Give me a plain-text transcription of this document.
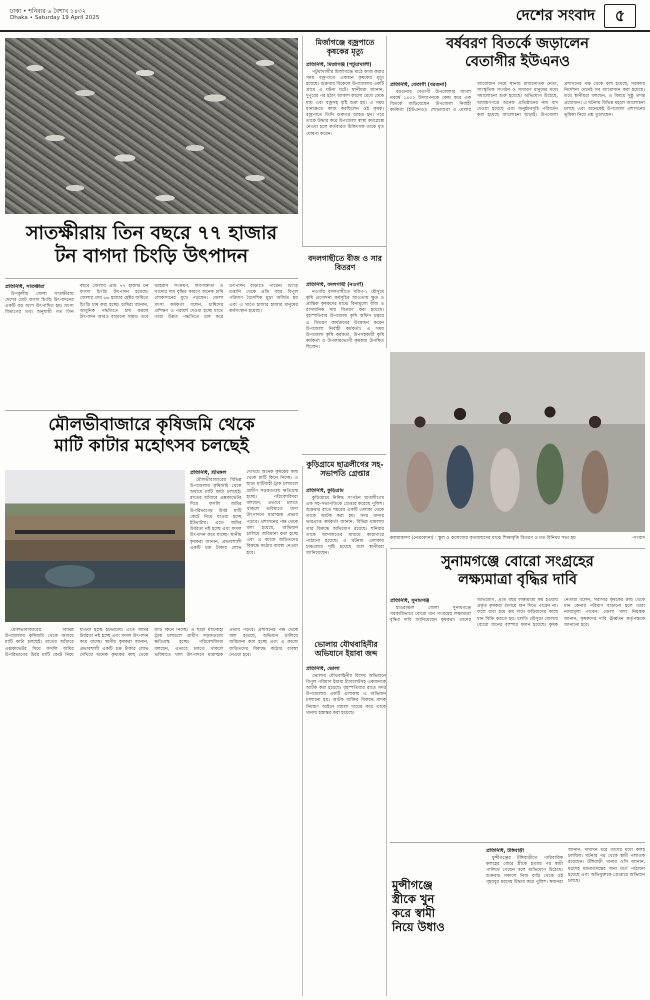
ঢাকা • শনিবার ৬ বৈশাখ ১৪৩২
Dhaka • Saturday 19 April 2025	দেশের সংবাদ	৫
বর্ষবরণ বিতর্কে জড়ালেন
বেতাগীর ইউএনও
প্রতিনিধি, বেতাগী (বরগুনা)

বরগুনার বেতাগী উপজেলার বাংলা নববর্ষ ১৪৩২ উদযাপনকে কেন্দ্র করে এক বিতর্কে জড়িয়েছেন উপজেলা নির্বাহী কর্মকর্তা (ইউএনও)। শোভাযাত্রা ও মেলার আয়োজন নিয়ে স্থানীয় রাজনৈতিক নেতা, সাংস্কৃতিক সংগঠন ও সাধারণ মানুষের মধ্যে সমালোচনা শুরু হয়েছে। অভিযোগ উঠেছে, আমন্ত্রণপত্রে অনেক প্রতিষ্ঠানের নাম বাদ দেওয়া হয়েছে এবং অনুষ্ঠানসূচি পরিবর্তন করা হয়েছে আলোচনা ছাড়াই। উপজেলা প্রশাসনের পক্ষ থেকে বলা হয়েছে, সরকারি নির্দেশনা মেনেই সব আয়োজন করা হয়েছে। তবে স্থানীয়রা বলছেন, এ বিষয়ে সুষ্ঠু তদন্ত প্রয়োজন। এ ঘটনায় বিভিন্ন মহলে আলোচনা চলছে এবং অনেকেই উপজেলা প্রশাসনের ভূমিকা নিয়ে প্রশ্ন তুলেছেন।

মির্জাগঞ্জে বজ্রপাতে কৃষকের মৃত্যু
প্রতিনিধি, মির্জাগঞ্জ (পটুয়াখালী)

পটুয়াখালীর মির্জাগঞ্জে মাঠে কাজ করার সময় বজ্রপাতে একজন কৃষকের মৃত্যু হয়েছে। শুক্রবার বিকেলে উপজেলার একটি গ্রামে এ ঘটনা ঘটে। স্থানীয়রা জানান, দুপুরের পর হঠাৎ আকাশ কালো মেঘে ঢেকে যায় এবং বজ্রসহ বৃষ্টি শুরু হয়। এ সময় ধানক্ষেতে কাজ করছিলেন ওই কৃষক। বজ্রপাতে তিনি গুরুতর আহত হন। পরে তাকে উদ্ধার করে উপজেলা স্বাস্থ্য কমপ্লেক্সে নেওয়া হলে কর্তব্যরত চিকিৎসক তাকে মৃত ঘোষণা করেন।

সাতক্ষীরায় তিন বছরে ৭৭ হাজার
টন বাগদা চিংড়ি উৎপাদন
প্রতিনিধি, সাতক্ষীরা

উপকূলীয় জেলা সাতক্ষীরায় দেশের মোট বাগদা চিংড়ি উৎপাদনের একটি বড় অংশ উৎপাদিত হয়। মৎস্য বিভাগের তথ্য অনুযায়ী গত তিন বছরে জেলায় প্রায় ৭৭ হাজার টন বাগদা চিংড়ি উৎপাদন হয়েছে। জেলার প্রায় ৬৬ হাজার হেক্টর জমিতে চিংড়ি চাষ করা হচ্ছে। চাষিরা জানান, আধুনিক পদ্ধতিতে চাষ করলে উৎপাদন আরও বাড়ানো সম্ভব। তবে ভাইরাস সংক্রমণ, লবণাক্ততা ও খাদ্যের দাম বৃদ্ধির কারণে অনেক চাষি লোকসানের মুখে পড়ছেন। জেলা মৎস্য কর্মকর্তা বলেন, চাষিদের প্রশিক্ষণ ও পরামর্শ দেওয়া হচ্ছে যাতে তারা উন্নত পদ্ধতিতে চাষ করে উৎপাদন বাড়াতে পারেন। চিংড়ি রপ্তানি থেকে প্রতি বছর বিপুল পরিমাণ বৈদেশিক মুদ্রা অর্জিত হয় এবং এ খাতে হাজার হাজার মানুষের কর্মসংস্থান হয়েছে।

বদলগাছীতে বীজ ও সার বিতরণ
প্রতিনিধি, বদলগাছী (নওগাঁ)

নওগাঁর বদলগাছীতে খরিপ-১ মৌসুমে কৃষি প্রণোদনা কর্মসূচির আওতায় ক্ষুদ্র ও প্রান্তিক কৃষকদের মাঝে বিনামূল্যে বীজ ও রাসায়নিক সার বিতরণ করা হয়েছে। বৃহস্পতিবার উপজেলা কৃষি অফিস চত্বরে এ বিতরণ কার্যক্রমের উদ্বোধন করেন উপজেলা নির্বাহী কর্মকর্তা। এ সময় উপজেলা কৃষি কর্মকর্তা, উপসহকারী কৃষি কর্মকর্তা ও উপকারভোগী কৃষকরা উপস্থিত ছিলেন।

কলমাকান্দা (নেত্রকোনা) : স্কুল ও কলেজের কৃতজন্মদের মাঝে শিক্ষাবৃত্তি বিতরণ ও মত বিনিময় সভা হয়	–সংবাদ
কুড়িগ্রামে ছাত্রলীগের সহ-সভাপতি গ্রেপ্তার
প্রতিনিধি, কুড়িগ্রাম

কুড়িগ্রামে নিষিদ্ধ সংগঠন ছাত্রলীগের এক সহ-সভাপতিকে গ্রেপ্তার করেছে পুলিশ। শুক্রবার রাতে শহরের একটি এলাকা থেকে তাকে আটক করা হয়। সদর থানার ভারপ্রাপ্ত কর্মকর্তা জানান, বিভিন্ন মামলায় তার বিরুদ্ধে অভিযোগ রয়েছে। শনিবার তাকে আদালতের মাধ্যমে কারাগারে পাঠানো হয়েছে। এ ঘটনায় এলাকায় চাঞ্চল্যের সৃষ্টি হয়েছে বলে স্থানীয়রা জানিয়েছেন।

মৌলভীবাজারে কৃষিজমি থেকে
মাটি কাটার মহোৎসব চলছেই
প্রতিনিধি, শ্রীমঙ্গল

মৌলভীবাজারের বিভিন্ন উপজেলায় কৃষিজমি থেকে অবাধে মাটি কাটা চলছেই। রাতের আঁধারে এক্সকাভেটর দিয়ে ফসলি জমির উপরিভাগের উর্বর মাটি কেটে নিয়ে যাওয়া হচ্ছে ইটভাটায়। এতে জমির উর্বরতা নষ্ট হচ্ছে এবং ফসল উৎপাদন কমে যাচ্ছে। স্থানীয় কৃষকরা জানান, প্রভাবশালী একটি চক্র টাকার লোভ দেখিয়ে অনেক কৃষকের কাছ থেকে মাটি কিনে নিচ্ছে। এ ছাড়া মাটিবাহী ট্রাক চলাচলে গ্রামীণ সড়কগুলো ক্ষতিগ্রস্ত হচ্ছে। পরিবেশবিদরা বলছেন, এভাবে চলতে থাকলে ভবিষ্যতে খাদ্য উৎপাদনে মারাত্মক প্রভাব পড়বে। প্রশাসনের পক্ষ থেকে বলা হয়েছে, অভিযান চালিয়ে জরিমানা করা হচ্ছে এবং এ কাজে জড়িতদের বিরুদ্ধে কঠোর ব্যবস্থা নেওয়া হবে।

মৌলভীবাজারের বিভিন্ন উপজেলায় কৃষিজমি থেকে অবাধে মাটি কাটা চলছেই। রাতের আঁধারে এক্সকাভেটর দিয়ে ফসলি জমির উপরিভাগের উর্বর মাটি কেটে নিয়ে যাওয়া হচ্ছে ইটভাটায়। এতে জমির উর্বরতা নষ্ট হচ্ছে এবং ফসল উৎপাদন কমে যাচ্ছে। স্থানীয় কৃষকরা জানান, প্রভাবশালী একটি চক্র টাকার লোভ দেখিয়ে অনেক কৃষকের কাছ থেকে মাটি কিনে নিচ্ছে। এ ছাড়া মাটিবাহী ট্রাক চলাচলে গ্রামীণ সড়কগুলো ক্ষতিগ্রস্ত হচ্ছে। পরিবেশবিদরা বলছেন, এভাবে চলতে থাকলে ভবিষ্যতে খাদ্য উৎপাদনে মারাত্মক প্রভাব পড়বে। প্রশাসনের পক্ষ থেকে বলা হয়েছে, অভিযান চালিয়ে জরিমানা করা হচ্ছে এবং এ কাজে জড়িতদের বিরুদ্ধে কঠোর ব্যবস্থা নেওয়া হবে।

সুনামগঞ্জে বোরো সংগ্রহের
লক্ষ্যমাত্রা বৃদ্ধির দাবি
প্রতিনিধি, সুনামগঞ্জ

হাওরাঞ্চল জেলা সুনামগঞ্জে সরকারিভাবে বোরো ধান সংগ্রহের লক্ষ্যমাত্রা বৃদ্ধির দাবি জানিয়েছেন কৃষকরা। তাদের অভিযোগ, প্রতি বছর লক্ষ্যমাত্রা কম হওয়ায় প্রকৃত কৃষকরা গুদামে ধান দিতে পারেন না। ফলে বাধ্য হয়ে কম দামে ফড়িয়াদের কাছে ধান বিক্রি করতে হয়। চলতি মৌসুমে জেলায় বোরো ধানের বাম্পার ফলন হয়েছে। কৃষক নেতারা বলেন, সরাসরি কৃষকের কাছ থেকে ধান কেনার পরিমাণ বাড়ানো হলে তারা ন্যায্যমূল্য পাবেন। জেলা খাদ্য নিয়ন্ত্রক জানান, কৃষকদের দাবি ঊর্ধ্বতন কর্তৃপক্ষকে জানানো হবে।

ভোলায় যৌথবাহিনীর অভিযানে ইয়াবা জব্দ
প্রতিনিধি, ভোলা

ভোলায় যৌথবাহিনীর বিশেষ অভিযানে বিপুল পরিমাণ ইয়াবা ট্যাবলেটসহ একজনকে আটক করা হয়েছে। বৃহস্পতিবার রাতে সদর উপজেলার একটি এলাকায় এ অভিযান চালানো হয়। আটক ব্যক্তির বিরুদ্ধে মাদক নিয়ন্ত্রণ আইনে মামলা দায়ের করে তাকে থানায় হস্তান্তর করা হয়েছে।

মুন্সীগঞ্জে
স্ত্রীকে খুন
করে স্বামী
নিয়ে উধাও
প্রতিনিধি, টঙ্গিবাড়ী

মুন্সীগঞ্জের টঙ্গিবাড়ীতে পারিবারিক কলহের জেরে স্ত্রীকে হত্যার পর স্বামী পালিয়ে গেছেন বলে অভিযোগ উঠেছে। শুক্রবার সকালে নিজ বাড়ি থেকে ওই গৃহবধূর মরদেহ উদ্ধার করে পুলিশ। স্বজনরা জানান, দীর্ঘদিন ধরে তাদের মধ্যে কলহ চলছিল। ঘটনার পর থেকে স্বামী পলাতক রয়েছেন। টঙ্গিবাড়ী থানার ওসি জানান, মরদেহ ময়নাতদন্তের জন্য মর্গে পাঠানো হয়েছে এবং অভিযুক্তকে গ্রেপ্তারে অভিযান চলছে।
